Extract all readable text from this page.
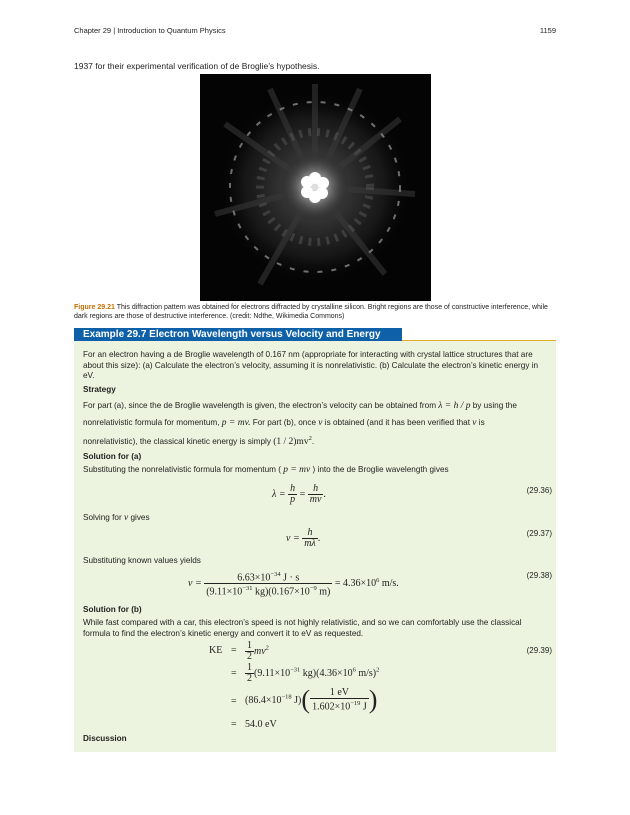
Chapter 29 | Introduction to Quantum Physics	1159
1937 for their experimental verification of de Broglie’s hypothesis.
Figure 29.21 This diffraction pattern was obtained for electrons diffracted by crystalline silicon. Bright regions are those of constructive interference, while dark regions are those of destructive interference. (credit: Ndthe, Wikimedia Commons)
Example 29.7 Electron Wavelength versus Velocity and Energy
For an electron having a de Broglie wavelength of 0.167 nm (appropriate for interacting with crystal lattice structures that are about this size): (a) Calculate the electron’s velocity, assuming it is nonrelativistic. (b) Calculate the electron’s kinetic energy in eV.
Strategy
For part (a), since the de Broglie wavelength is given, the electron’s velocity can be obtained from λ = h / p by using the
nonrelativistic formula for momentum, p = mv. For part (b), once v is obtained (and it has been verified that v is
nonrelativistic), the classical kinetic energy is simply $(1 / 2)mv^2$.
Solution for (a)
Substituting the nonrelativistic formula for momentum ( p = mv ) into the de Broglie wavelength gives
$\lambda = \frac{h}{p} = \frac{h}{mv}$ .	(29.36)
Solving for v gives
$v = \frac{h}{m\lambda}$ .	(29.37)
Substituting known values yields
$v = \frac{6.63\times 10^{-34} J \cdot s}{(9.11\times 10^{-31} kg)(0.167\times 10^{-9} m)} = 4.36\times 10^6$ m/s.
(29.38)
Solution for (b)
While fast compared with a car, this electron’s speed is not highly relativistic, and so we can comfortably use the classical formula to find the electron’s kinetic energy and convert it to eV as requested.
KE = $\frac{1}{2} mv^2$
= $\frac{1}{2} (9.11\times 10^{-31}$ $kg)(4.36\times 10^6$ m/s)$^2$
= ($86.4\times 10^{-18}$ $J)( \frac{1 eV}{1.602\times 10^{-19} J}$ )
= 54.0 eV
(29.39)
Discussion
